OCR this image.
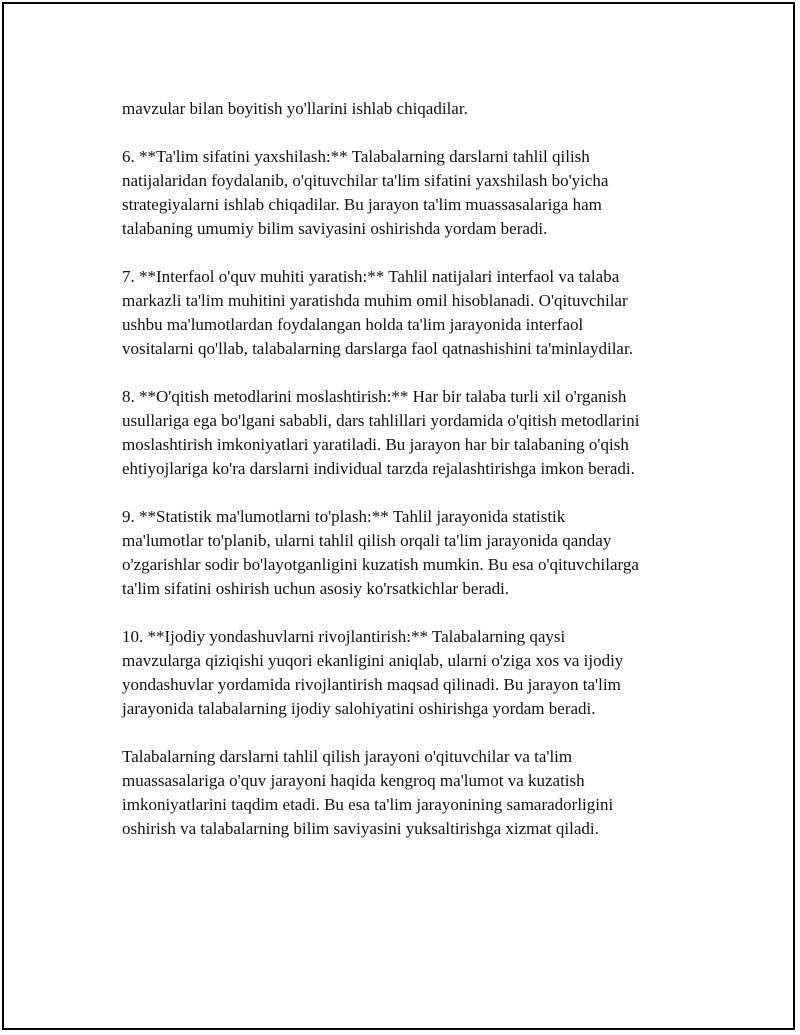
mavzular bilan boyitish yo'llarini ishlab chiqadilar.

6. **Ta'lim sifatini yaxshilash:** Talabalarning darslarni tahlil qilish
natijalaridan foydalanib, o'qituvchilar ta'lim sifatini yaxshilash bo'yicha
strategiyalarni ishlab chiqadilar. Bu jarayon ta'lim muassasalariga ham
talabaning umumiy bilim saviyasini oshirishda yordam beradi.

7. **Interfaol o'quv muhiti yaratish:** Tahlil natijalari interfaol va talaba
markazli ta'lim muhitini yaratishda muhim omil hisoblanadi. O'qituvchilar
ushbu ma'lumotlardan foydalangan holda ta'lim jarayonida interfaol
vositalarni qo'llab, talabalarning darslarga faol qatnashishini ta'minlaydilar.

8. **O'qitish metodlarini moslashtirish:** Har bir talaba turli xil o'rganish
usullariga ega bo'lgani sababli, dars tahlillari yordamida o'qitish metodlarini
moslashtirish imkoniyatlari yaratiladi. Bu jarayon har bir talabaning o'qish
ehtiyojlariga ko'ra darslarni individual tarzda rejalashtirishga imkon beradi.

9. **Statistik ma'lumotlarni to'plash:** Tahlil jarayonida statistik
ma'lumotlar to'planib, ularni tahlil qilish orqali ta'lim jarayonida qanday
o'zgarishlar sodir bo'layotganligini kuzatish mumkin. Bu esa o'qituvchilarga
ta'lim sifatini oshirish uchun asosiy ko'rsatkichlar beradi.

10. **Ijodiy yondashuvlarni rivojlantirish:** Talabalarning qaysi
mavzularga qiziqishi yuqori ekanligini aniqlab, ularni o'ziga xos va ijodiy
yondashuvlar yordamida rivojlantirish maqsad qilinadi. Bu jarayon ta'lim
jarayonida talabalarning ijodiy salohiyatini oshirishga yordam beradi.

Talabalarning darslarni tahlil qilish jarayoni o'qituvchilar va ta'lim
muassasalariga o'quv jarayoni haqida kengroq ma'lumot va kuzatish
imkoniyatlarini taqdim etadi. Bu esa ta'lim jarayonining samaradorligini
oshirish va talabalarning bilim saviyasini yuksaltirishga xizmat qiladi.
